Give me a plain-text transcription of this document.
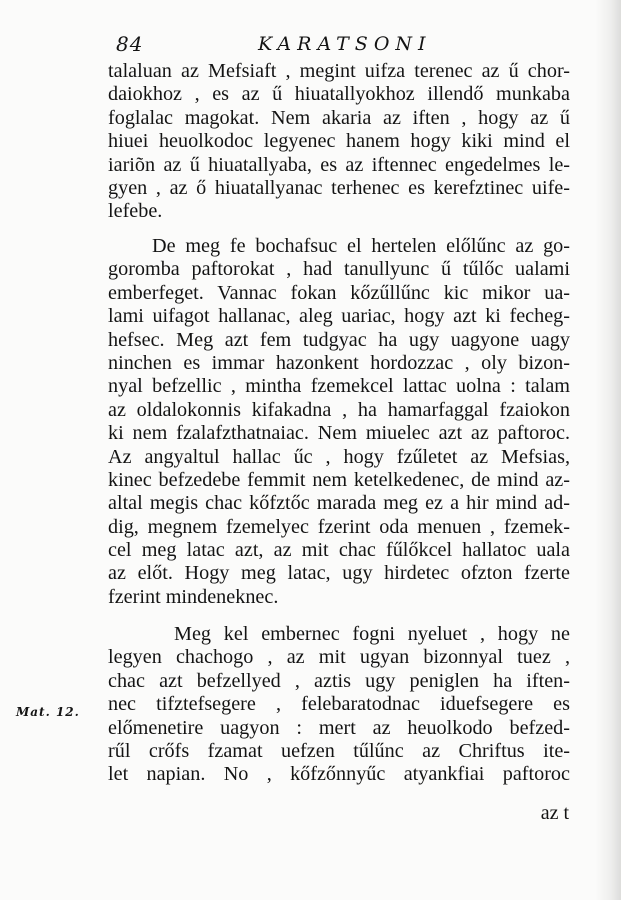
84	KARATSONI
talaluan az Mefsiaft , megint uifza terenec az ű chor-
daiokhoz , es az ű hiuatallyokhoz illendő munkaba
foglalac magokat. Nem akaria az iften , hogy az ű
hiuei heuolkodoc legyenec hanem hogy kiki mind el
iariõn az ű hiuatallyaba, es az iftennec engedelmes le-
gyen , az ő hiuatallyanac terhenec es kerefztinec uife-
lefebe.
De meg fe bochafsuc el hertelen előlűnc az go-
goromba paftorokat , had tanullyunc ű tűlőc ualami
emberfeget. Vannac fokan kőzűllűnc kic mikor ua-
lami uifagot hallanac, aleg uariac, hogy azt ki fecheg-
hefsec. Meg azt fem tudgyac ha ugy uagyone uagy
ninchen es immar hazonkent hordozzac , oly bizon-
nyal befzellic , mintha fzemekcel lattac uolna : talam
az oldalokonnis kifakadna , ha hamarfaggal fzaiokon
ki nem fzalafzthatnaiac. Nem miuelec azt az paftoroc.
Az angyaltul hallac űc , hogy fzűletet az Mefsias,
kinec befzedebe femmit nem ketelkedenec, de mind az-
altal megis chac kőfztőc marada meg ez a hir mind ad-
dig, megnem fzemelyec fzerint oda menuen , fzemek-
cel meg latac azt, az mit chac fűlőkcel hallatoc uala
az előt. Hogy meg latac, ugy hirdetec ofzton fzerte
fzerint mindeneknec.
Meg kel embernec fogni nyeluet , hogy ne
legyen chachogo , az mit ugyan bizonnyal tuez ,
chac azt befzellyed , aztis ugy peniglen ha iften-
nec tifztefsegere , felebaratodnac iduefsegere es
előmenetire uagyon : mert az heuolkodo befzed-
rűl crőfs fzamat uefzen tűlűnc az Chriftus ite-
let napian. No , kőfzőnnyűc atyankfiai paftoroc
Mat. 12.
az t
